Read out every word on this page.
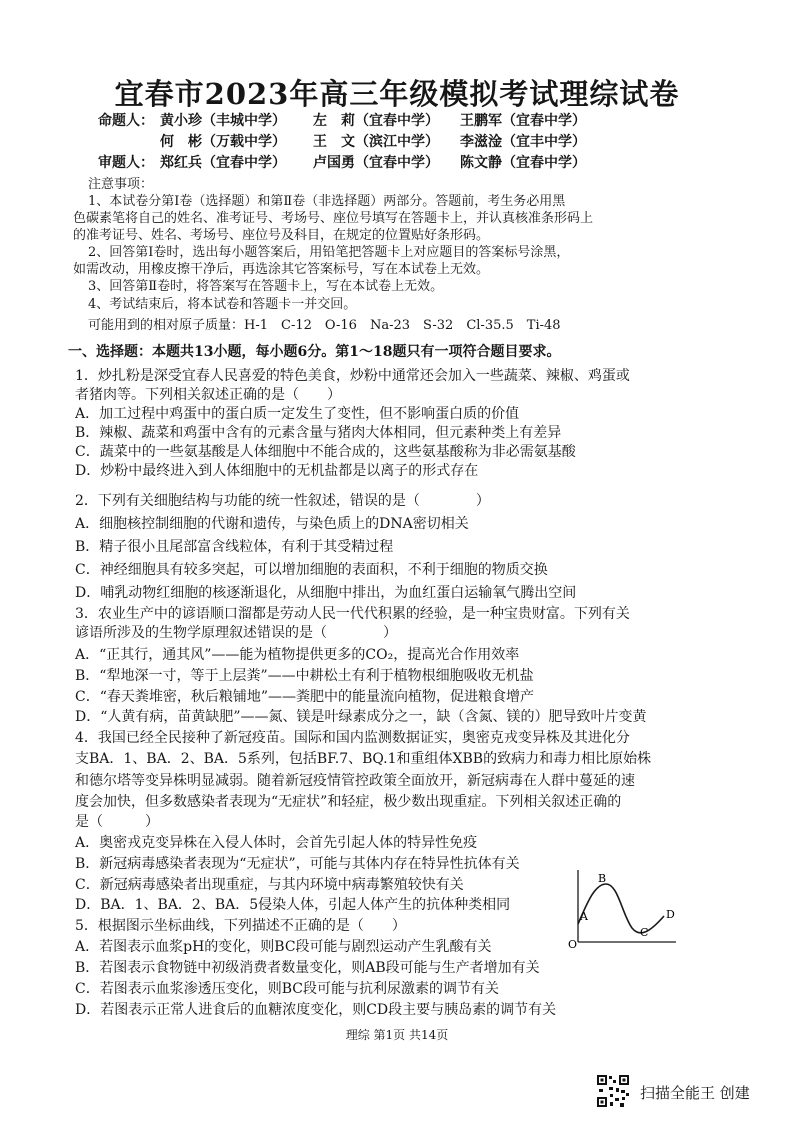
宜春市2023年高三年级模拟考试理综试卷
命题人： 黄小珍（丰城中学） 左　莉（宜春中学） 王鹏军（宜春中学）
何　彬（万载中学） 王　文（滨江中学） 李滋淦（宜丰中学）
审题人： 郑红兵（宜春中学） 卢国勇（宜春中学） 陈文静（宜春中学）
注意事项：
1、本试卷分第Ⅰ卷（选择题）和第Ⅱ卷（非选择题）两部分。答题前，考生务必用黑
色碳素笔将自己的姓名、准考证号、考场号、座位号填写在答题卡上，并认真核准条形码上
的准考证号、姓名、考场号、座位号及科目，在规定的位置贴好条形码。
2、回答第Ⅰ卷时，选出每小题答案后，用铅笔把答题卡上对应题目的答案标号涂黑，
如需改动，用橡皮擦干净后，再选涂其它答案标号，写在本试卷上无效。
3、回答第Ⅱ卷时，将答案写在答题卡上，写在本试卷上无效。
4、考试结束后，将本试卷和答题卡一并交回。
可能用到的相对原子质量：H-1　C-12　O-16　Na-23　S-32　Cl-35.5　Ti-48
一、选择题：本题共13小题，每小题6分。第1～18题只有一项符合题目要求。
1．炒扎粉是深受宜春人民喜爱的特色美食，炒粉中通常还会加入一些蔬菜、辣椒、鸡蛋或
者猪肉等。下列相关叙述正确的是（　　）
A．加工过程中鸡蛋中的蛋白质一定发生了变性，但不影响蛋白质的价值
B．辣椒、蔬菜和鸡蛋中含有的元素含量与猪肉大体相同，但元素种类上有差异
C．蔬菜中的一些氨基酸是人体细胞中不能合成的，这些氨基酸称为非必需氨基酸
D．炒粉中最终进入到人体细胞中的无机盐都是以离子的形式存在
2．下列有关细胞结构与功能的统一性叙述，错误的是（　　　　）
A．细胞核控制细胞的代谢和遗传，与染色质上的DNA密切相关
B．精子很小且尾部富含线粒体，有利于其受精过程
C．神经细胞具有较多突起，可以增加细胞的表面积，不利于细胞的物质交换
D．哺乳动物红细胞的核逐渐退化，从细胞中排出，为血红蛋白运输氧气腾出空间
3．农业生产中的谚语顺口溜都是劳动人民一代代积累的经验，是一种宝贵财富。下列有关
谚语所涉及的生物学原理叙述错误的是（　　　　）
A．“正其行，通其风”——能为植物提供更多的CO₂，提高光合作用效率
B．“犁地深一寸，等于上层粪”——中耕松土有利于植物根细胞吸收无机盐
C．“春天粪堆密，秋后粮铺地”——粪肥中的能量流向植物，促进粮食增产
D．“人黄有病，苗黄缺肥”——氮、镁是叶绿素成分之一，缺（含氮、镁的）肥导致叶片变黄
4．我国已经全民接种了新冠疫苗。国际和国内监测数据证实，奥密克戎变异株及其进化分
支BA．1、BA．2、BA．5系列，包括BF.7、BQ.1和重组体XBB的致病力和毒力相比原始株
和德尔塔等变异株明显减弱。随着新冠疫情管控政策全面放开，新冠病毒在人群中蔓延的速
度会加快，但多数感染者表现为“无症状”和轻症，极少数出现重症。下列相关叙述正确的
是（　　　）
A．奥密戎克变异株在入侵人体时，会首先引起人体的特异性免疫
B．新冠病毒感染者表现为“无症状”，可能与其体内存在特异性抗体有关
C．新冠病毒感染者出现重症，与其内环境中病毒繁殖较快有关
D．BA．1、BA．2、BA．5侵染人体，引起人体产生的抗体种类相同
5．根据图示坐标曲线，下列描述不正确的是（　　）
A．若图表示血浆pH的变化，则BC段可能与剧烈运动产生乳酸有关
B．若图表示食物链中初级消费者数量变化，则AB段可能与生产者增加有关
C．若图表示血浆渗透压变化，则BC段可能与抗利尿激素的调节有关
D．若图表示正常人进食后的血糖浓度变化，则CD段主要与胰岛素的调节有关
A
B
C
D
O
理综 第1页 共14页
扫描全能王 创建
